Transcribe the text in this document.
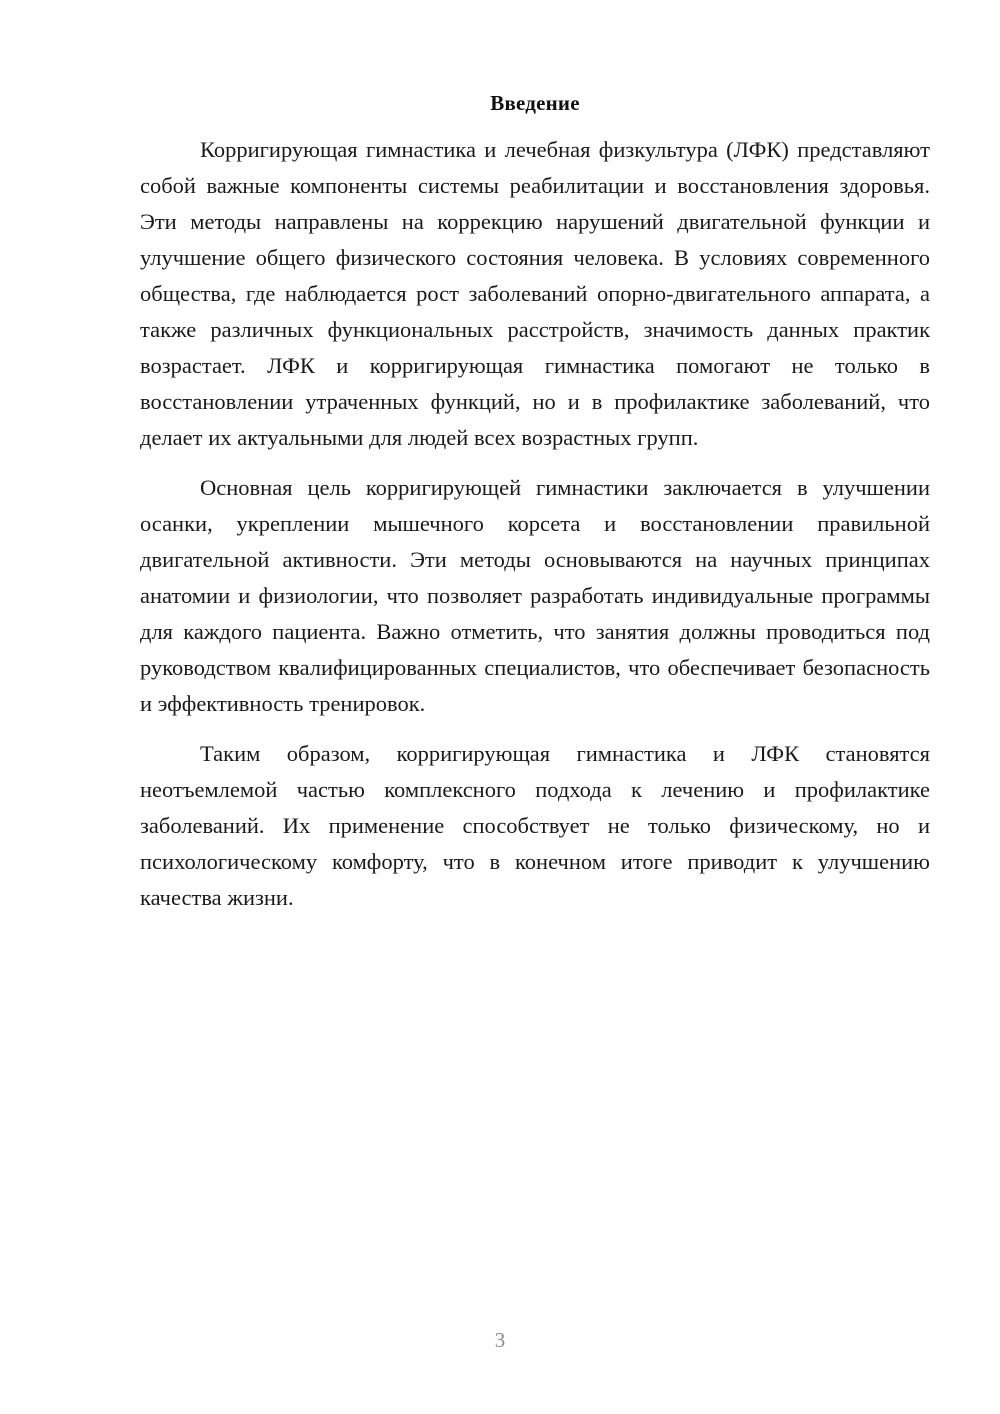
Введение

Корригирующая гимнастика и лечебная физкультура (ЛФК) представляют собой важные компоненты системы реабилитации и восстановления здоровья. Эти методы направлены на коррекцию нарушений двигательной функции и улучшение общего физического состояния человека. В условиях современного общества, где наблюдается рост заболеваний опорно-двигательного аппарата, а также различных функциональных расстройств, значимость данных практик возрастает. ЛФК и корригирующая гимнастика помогают не только в восстановлении утраченных функций, но и в профилактике заболеваний, что делает их актуальными для людей всех возрастных групп.

Основная цель корригирующей гимнастики заключается в улучшении осанки, укреплении мышечного корсета и восстановлении правильной двигательной активности. Эти методы основываются на научных принципах анатомии и физиологии, что позволяет разработать индивидуальные программы для каждого пациента. Важно отметить, что занятия должны проводиться под руководством квалифицированных специалистов, что обеспечивает безопасность и эффективность тренировок.

Таким образом, корригирующая гимнастика и ЛФК становятся неотъемлемой частью комплексного подхода к лечению и профилактике заболеваний. Их применение способствует не только физическому, но и психологическому комфорту, что в конечном итоге приводит к улучшению качества жизни.

3
